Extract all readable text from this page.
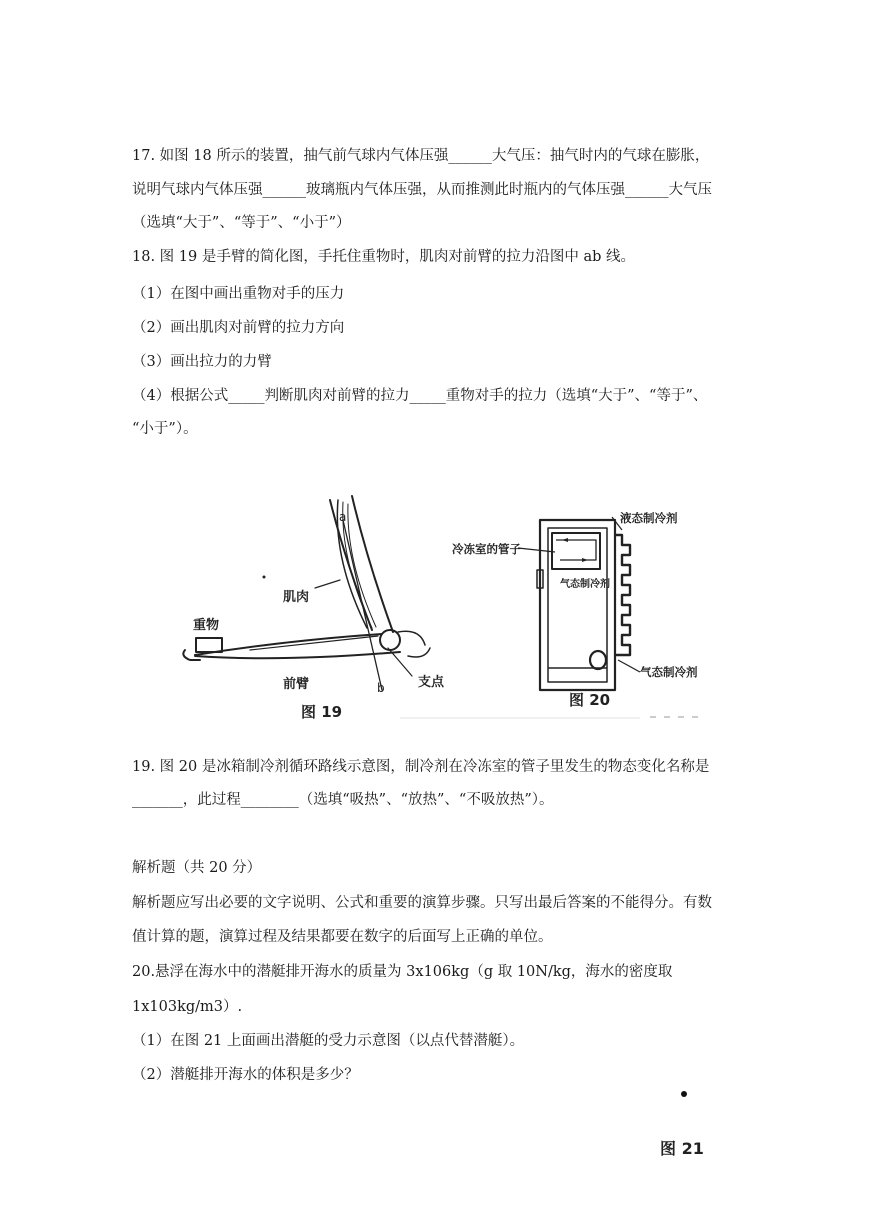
17. 如图 18 所示的装置，抽气前气球内气体压强______大气压：抽气时内的气球在膨胀，
说明气球内气体压强______玻璃瓶内气体压强，从而推测此时瓶内的气体压强______大气压
（选填“大于”、“等于”、“小于”）
18. 图 19 是手臂的简化图，手托住重物时，肌肉对前臂的拉力沿图中 ab 线。
（1）在图中画出重物对手的压力
（2）画出肌肉对前臂的拉力方向
（3）画出拉力的力臂
（4）根据公式_____判断肌肉对前臂的拉力_____重物对手的拉力（选填“大于”、“等于”、
“小于”）。
a
肌肉
重物
前臂	b	支点
图 19
液态制冷剂
冷冻室的管子
气态制冷剂
气态制冷剂
图 20
19. 图 20 是冰箱制冷剂循环路线示意图，制冷剂在冷冻室的管子里发生的物态变化名称是
_______，此过程________（选填“吸热”、“放热”、“不吸放热”）。
解析题（共 20 分）
解析题应写出必要的文字说明、公式和重要的演算步骤。只写出最后答案的不能得分。有数
值计算的题，演算过程及结果都要在数字的后面写上正确的单位。
20.悬浮在海水中的潜艇排开海水的质量为 3x106kg（g 取 10N/kg，海水的密度取
1x103kg/m3）.
（1）在图 21 上面画出潜艇的受力示意图（以点代替潜艇）。
（2）潜艇排开海水的体积是多少？
图 21
